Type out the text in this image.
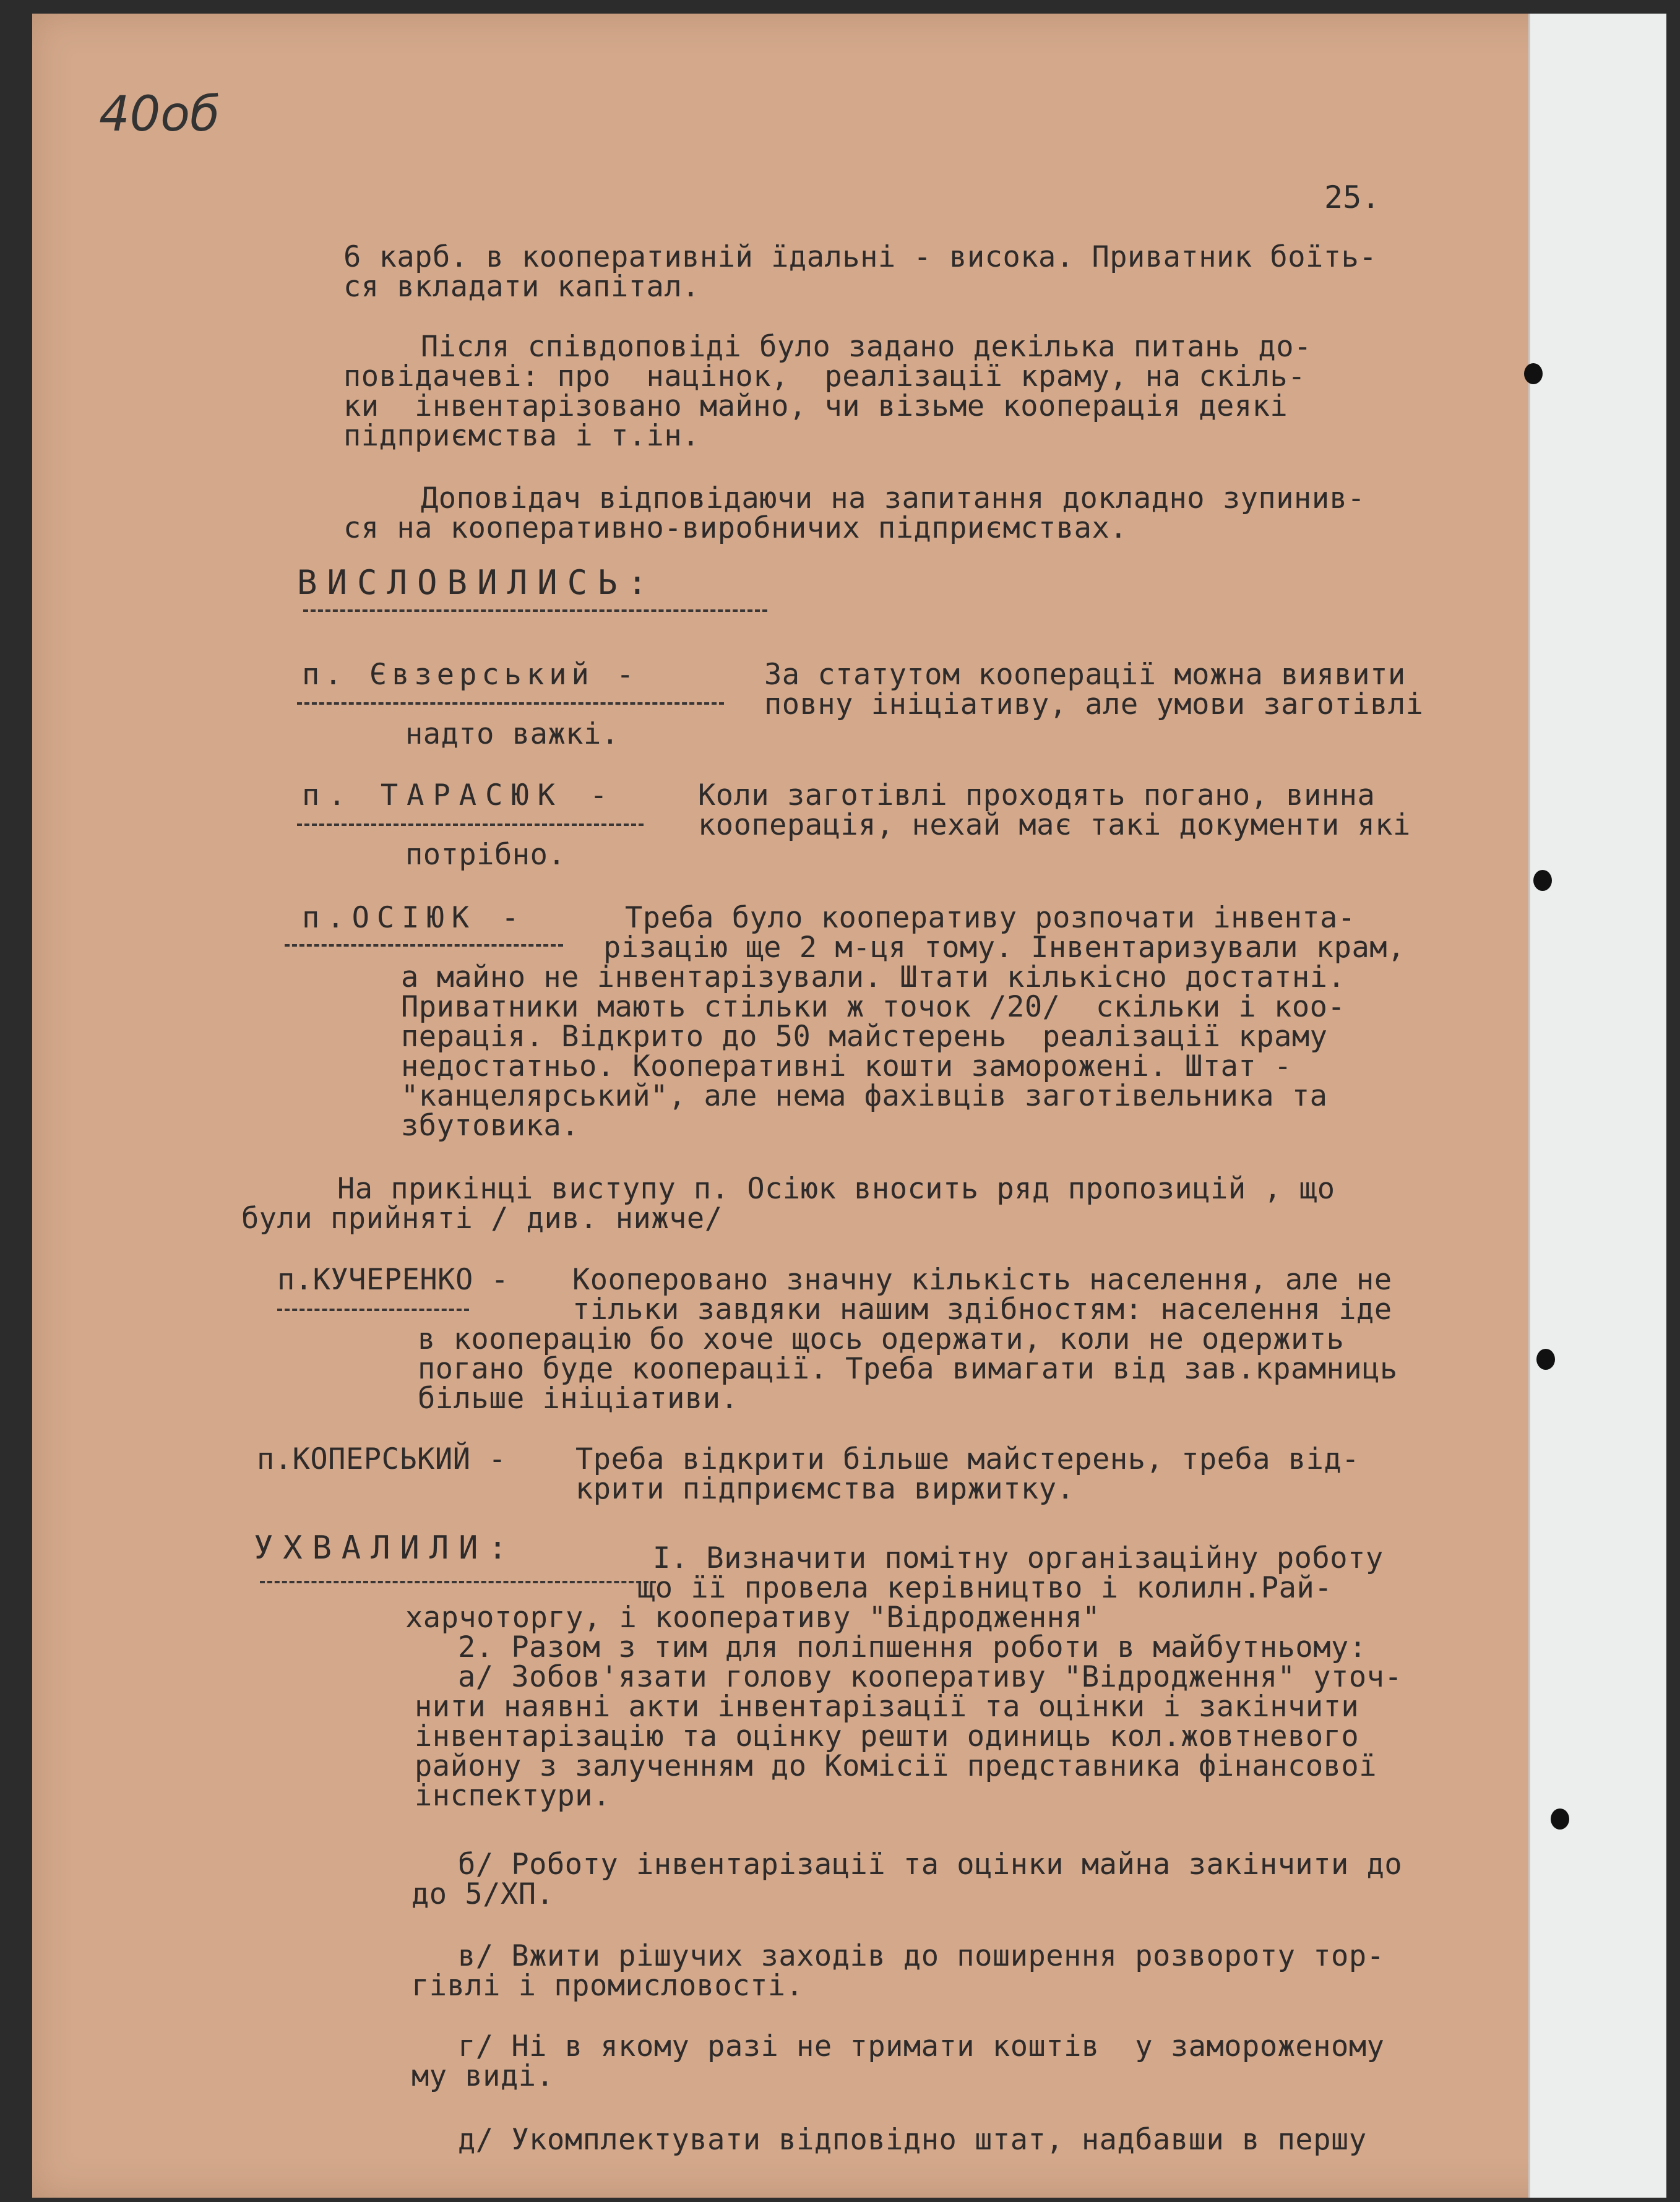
40об
25.
6 карб. в кооперативній їдальні - висока. Приватник боїть-
ся вкладати капітал.
Після співдоповіді було задано декілька питань до-
повідачеві: про  націнок,  реалізації краму, на скіль-
ки  інвентарізовано майно, чи візьме кооперація деякі
підприємства і т.ін.
Доповідач відповідаючи на запитання докладно зупинив-
ся на кооперативно-виробничих підприємствах.
ВИСЛОВИЛИСЬ:
п. Євзерський -	За статутом кооперації можна виявити
повну ініціативу, але умови заготівлі
надто важкі.
п. ТАРАСЮК -	Коли заготівлі проходять погано, винна
кооперація, нехай має такі документи які
потрібно.
п.ОСІЮК -	Треба було кооперативу розпочати інвента-
різацію ще 2 м-ця тому. Інвентаризували крам,
а майно не інвентарізували. Штати кількісно достатні.
Приватники мають стільки ж точок /20/  скільки і коо-
перація. Відкрито до 50 майстерень  реалізації краму
недостатньо. Кооперативні кошти заморожені. Штат -
"канцелярський", але нема фахівців заготівельника та
збутовика.
На прикінці виступу п. Осіюк вносить ряд пропозицій , що
були прийняті / див. нижче/
п.КУЧЕРЕНКО - Кооперовано значну кількість населення, але не
тільки завдяки нашим здібностям: населення іде
в кооперацію бо хоче щось одержати, коли не одержить
погано буде кооперації. Треба вимагати від зав.крамниць
більше ініціативи.
п.КОПЕРСЬКИЙ - Треба відкрити більше майстерень, треба від-
крити підприємства виржитку.
УХВАЛИЛИ:	І. Визначити помітну організаційну роботу
що її провела керівництво і колилн.Рай-
харчоторгу, і кооперативу "Відродження"
2. Разом з тим для поліпшення роботи в майбутньому:
а/ Зобов'язати голову кооперативу "Відродження" уточ-
нити наявні акти інвентарізації та оцінки і закінчити
інвентарізацію та оцінку решти одиниць кол.жовтневого
району з залученням до Комісії представника фінансової
інспектури.
б/ Роботу інвентарізації та оцінки майна закінчити до
до 5/ХП.
в/ Вжити рішучих заходів до поширення розвороту тор-
гівлі і промисловості.
г/ Ні в якому разі не тримати коштів  у замороженому
му виді.
д/ Укомплектувати відповідно штат, надбавши в першу
